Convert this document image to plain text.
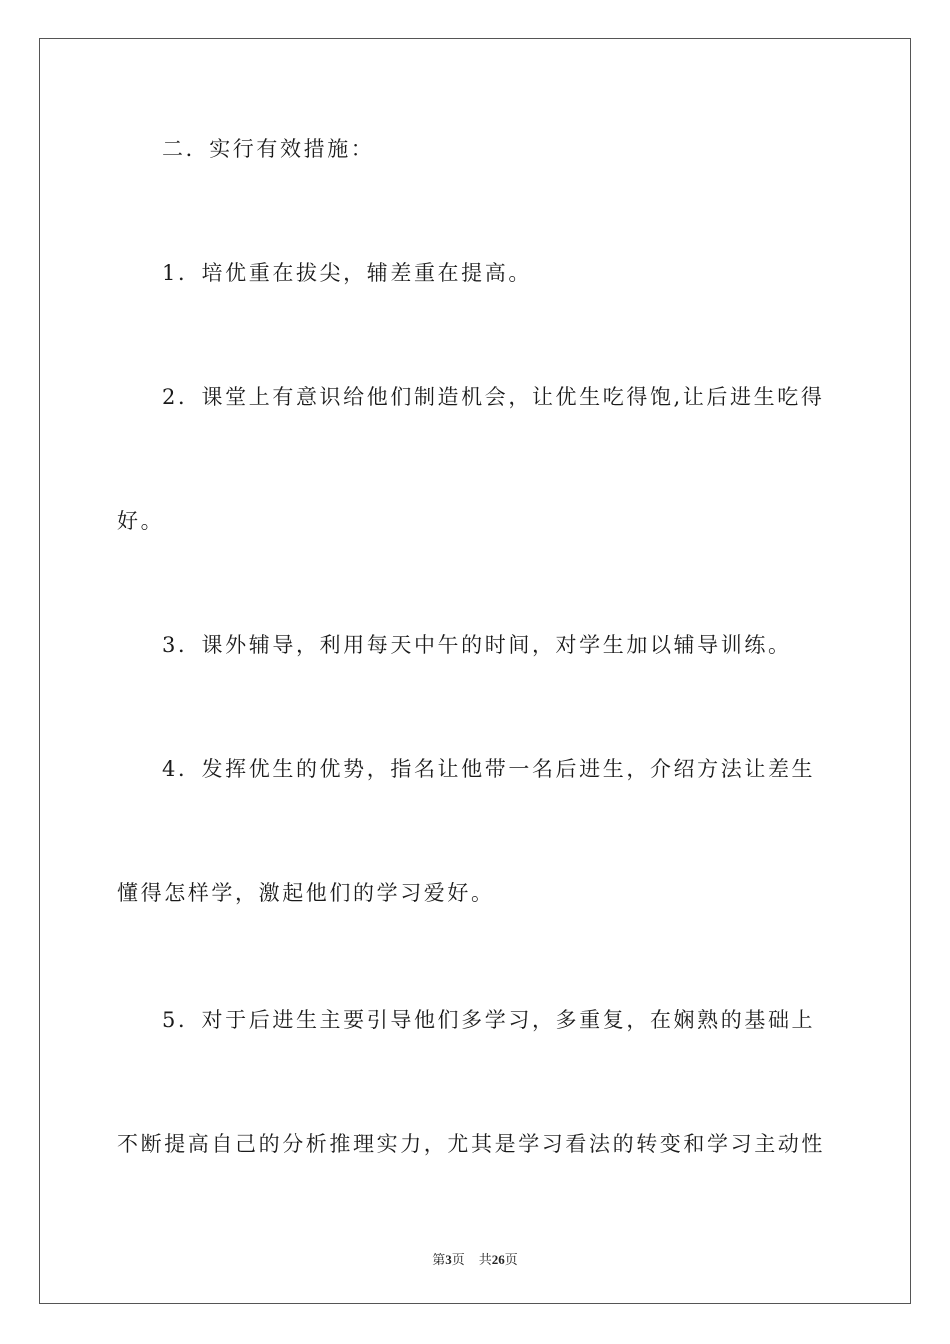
二．实行有效措施：
1．培优重在拔尖，辅差重在提高。
2．课堂上有意识给他们制造机会，让优生吃得饱,让后进生吃得
好。
3．课外辅导，利用每天中午的时间，对学生加以辅导训练。
4．发挥优生的优势，指名让他带一名后进生，介绍方法让差生
懂得怎样学，激起他们的学习爱好。
5．对于后进生主要引导他们多学习，多重复，在娴熟的基础上
不断提高自己的分析推理实力，尤其是学习看法的转变和学习主动性
第3页 共26页
